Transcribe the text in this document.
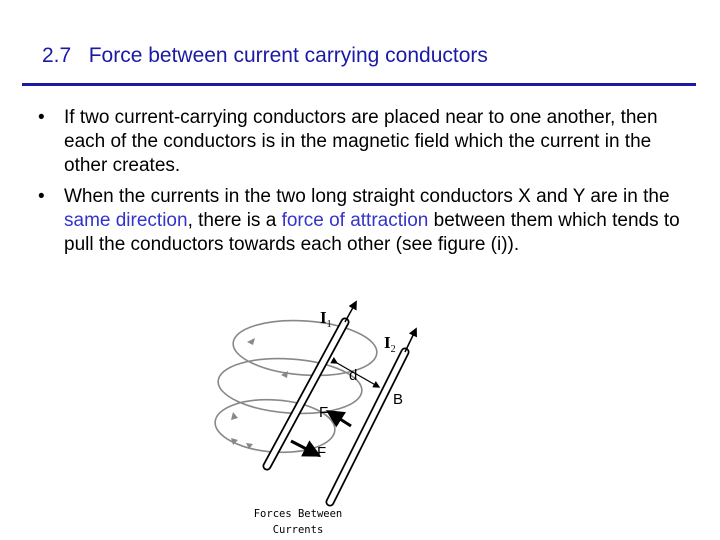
2.7   Force between current carrying conductors
• If two current-carrying conductors are placed near to one another, then each of the conductors is in the magnetic field which the current in the other creates.
• When the currents in the two long straight conductors X and Y are in the same direction, there is a force of attraction between them which tends to pull the conductors towards each other (see figure (i)).
$I_1$
$I_2$
d
B
F
F
Forces Between
Currents
